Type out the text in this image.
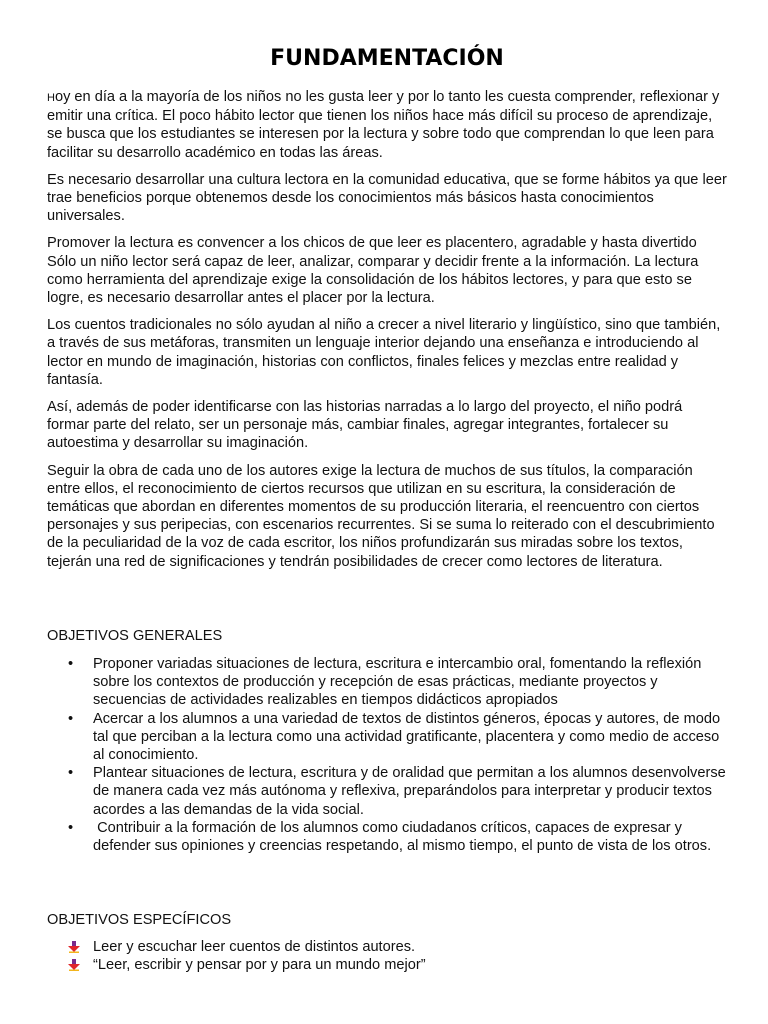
FUNDAMENTACIÓN

Hoy en día a la mayoría de los niños no les gusta leer y por lo tanto les cuesta comprender, reflexionar y emitir una crítica. El poco hábito lector que tienen los niños hace más difícil su proceso de aprendizaje, se busca que los estudiantes se interesen por la lectura y sobre todo que comprendan lo que leen para facilitar su desarrollo académico en todas las áreas.

Es necesario desarrollar una cultura lectora en la comunidad educativa, que se forme hábitos ya que leer trae beneficios porque obtenemos desde los conocimientos más básicos hasta conocimientos universales.

Promover la lectura es convencer a los chicos de que leer es placentero, agradable y hasta divertido Sólo un niño lector será capaz de leer, analizar, comparar y decidir frente a la información. La lectura como herramienta del aprendizaje exige la consolidación de los hábitos lectores, y para que esto se logre, es necesario desarrollar antes el placer por la lectura.

Los cuentos tradicionales no sólo ayudan al niño a crecer a nivel literario y lingüístico, sino que también, a través de sus metáforas, transmiten un lenguaje interior dejando una enseñanza e introduciendo al lector en mundo de imaginación, historias con conflictos, finales felices y mezclas entre realidad y fantasía.

Así, además de poder identificarse con las historias narradas a lo largo del proyecto, el niño podrá formar parte del relato, ser un personaje más, cambiar finales, agregar integrantes, fortalecer su autoestima y desarrollar su imaginación.

Seguir la obra de cada uno de los autores exige la lectura de muchos de sus títulos, la comparación entre ellos, el reconocimiento de ciertos recursos que utilizan en su escritura, la consideración de temáticas que abordan en diferentes momentos de su producción literaria, el reencuentro con ciertos personajes y sus peripecias, con escenarios recurrentes. Si se suma lo reiterado con el descubrimiento de la peculiaridad de la voz de cada escritor, los niños profundizarán sus miradas sobre los textos, tejerán una red de significaciones y tendrán posibilidades de crecer como lectores de literatura.

OBJETIVOS GENERALES
• Proponer variadas situaciones de lectura, escritura e intercambio oral, fomentando la reflexión sobre los contextos de producción y recepción de esas prácticas, mediante proyectos y secuencias de actividades realizables en tiempos didácticos apropiados
• Acercar a los alumnos a una variedad de textos de distintos géneros, épocas y autores, de modo tal que perciban a la lectura como una actividad gratificante, placentera y como medio de acceso al conocimiento.
• Plantear situaciones de lectura, escritura y de oralidad que permitan a los alumnos desenvolverse de manera cada vez más autónoma y reflexiva, preparándolos para interpretar y producir textos acordes a las demandas de la vida social.
• Contribuir a la formación de los alumnos como ciudadanos críticos, capaces de expresar y defender sus opiniones y creencias respetando, al mismo tiempo, el punto de vista de los otros.
OBJETIVOS ESPECÍFICOS
Leer y escuchar leer cuentos de distintos autores.
“Leer, escribir y pensar por y para un mundo mejor”
